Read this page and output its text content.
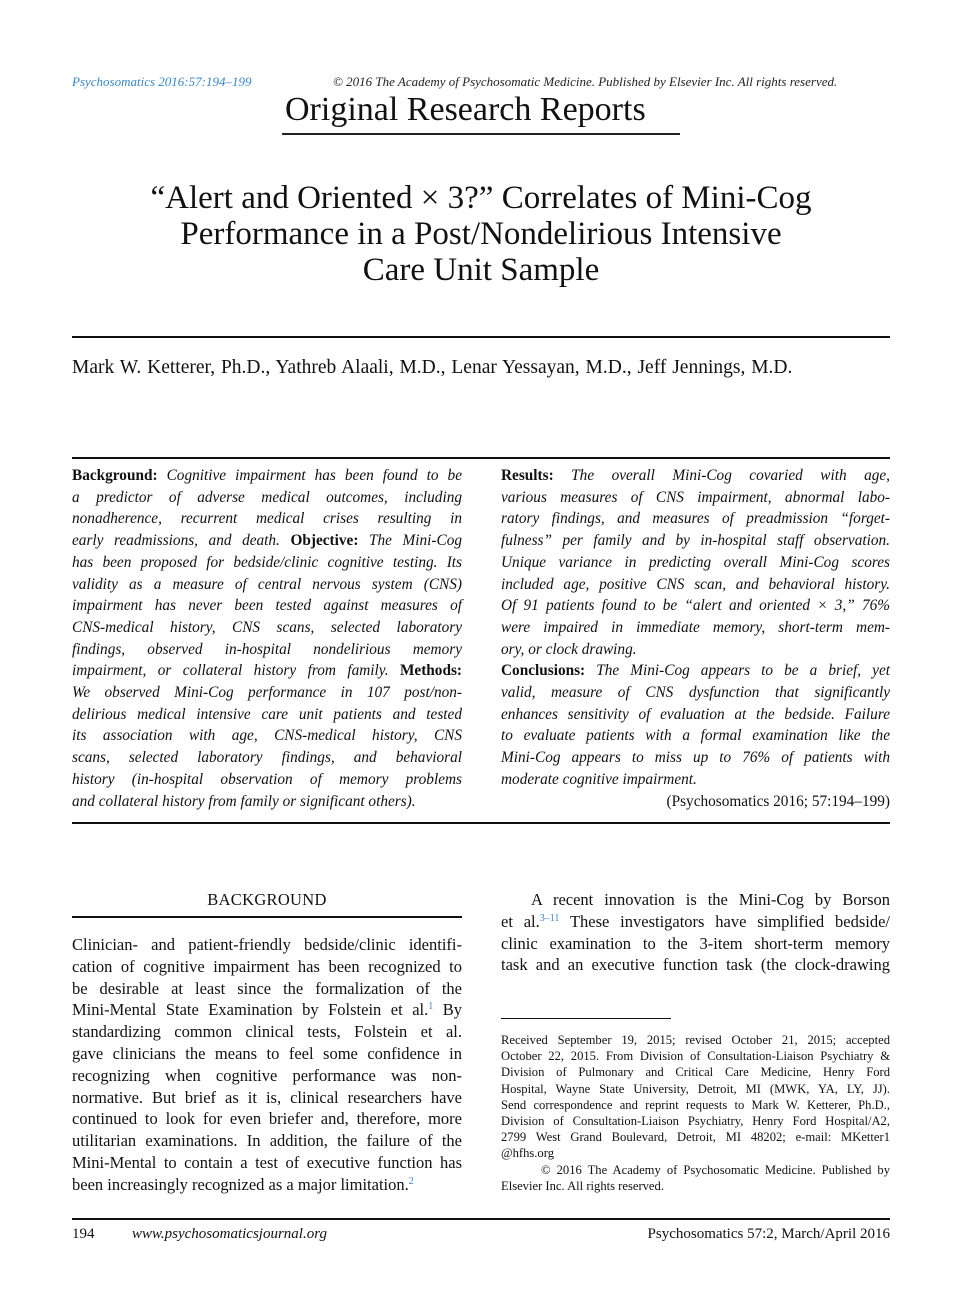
Psychosomatics 2016:57:194–199	© 2016 The Academy of Psychosomatic Medicine. Published by Elsevier Inc. All rights reserved.
Original Research Reports
“Alert and Oriented × 3?” Correlates of Mini-Cog
Performance in a Post/Nondelirious Intensive
Care Unit Sample
Mark W. Ketterer, Ph.D., Yathreb Alaali, M.D., Lenar Yessayan, M.D., Jeff Jennings, M.D.
Background: Cognitive impairment has been found to be
a predictor of adverse medical outcomes, including
nonadherence, recurrent medical crises resulting in
early readmissions, and death. Objective: The Mini-Cog
has been proposed for bedside/clinic cognitive testing. Its
validity as a measure of central nervous system (CNS)
impairment has never been tested against measures of
CNS-medical history, CNS scans, selected laboratory
findings, observed in-hospital nondelirious memory
impairment, or collateral history from family. Methods:
We observed Mini-Cog performance in 107 post/non-
delirious medical intensive care unit patients and tested
its association with age, CNS-medical history, CNS
scans, selected laboratory findings, and behavioral
history (in-hospital observation of memory problems
and collateral history from family or significant others).
Results: The overall Mini-Cog covaried with age,
various measures of CNS impairment, abnormal labo-
ratory findings, and measures of preadmission “forget-
fulness” per family and by in-hospital staff observation.
Unique variance in predicting overall Mini-Cog scores
included age, positive CNS scan, and behavioral history.
Of 91 patients found to be “alert and oriented × 3,” 76%
were impaired in immediate memory, short-term mem-
ory, or clock drawing.
Conclusions: The Mini-Cog appears to be a brief, yet
valid, measure of CNS dysfunction that significantly
enhances sensitivity of evaluation at the bedside. Failure
to evaluate patients with a formal examination like the
Mini-Cog appears to miss up to 76% of patients with
moderate cognitive impairment.
(Psychosomatics 2016; 57:194–199)
BACKGROUND
Clinician- and patient-friendly bedside/clinic identifi-
cation of cognitive impairment has been recognized to
be desirable at least since the formalization of the
Mini-Mental State Examination by Folstein et al.$^1$ By
standardizing common clinical tests, Folstein et al.
gave clinicians the means to feel some confidence in
recognizing when cognitive performance was non-
normative. But brief as it is, clinical researchers have
continued to look for even briefer and, therefore, more
utilitarian examinations. In addition, the failure of the
Mini-Mental to contain a test of executive function has
been increasingly recognized as a major limitation.$^2$
A recent innovation is the Mini-Cog by Borson
et al.$^{3-11}$ These investigators have simplified bedside/
clinic examination to the 3-item short-term memory
task and an executive function task (the clock-drawing
Received September 19, 2015; revised October 21, 2015; accepted
October 22, 2015. From Division of Consultation-Liaison Psychiatry &
Division of Pulmonary and Critical Care Medicine, Henry Ford
Hospital, Wayne State University, Detroit, MI (MWK, YA, LY, JJ).
Send correspondence and reprint requests to Mark W. Ketterer, Ph.D.,
Division of Consultation-Liaison Psychiatry, Henry Ford Hospital/A2,
2799 West Grand Boulevard, Detroit, MI 48202; e-mail: MKetter1
@hfhs.org
© 2016 The Academy of Psychosomatic Medicine. Published by
Elsevier Inc. All rights reserved.
194	www.psychosomaticsjournal.org	Psychosomatics 57:2, March/April 2016
